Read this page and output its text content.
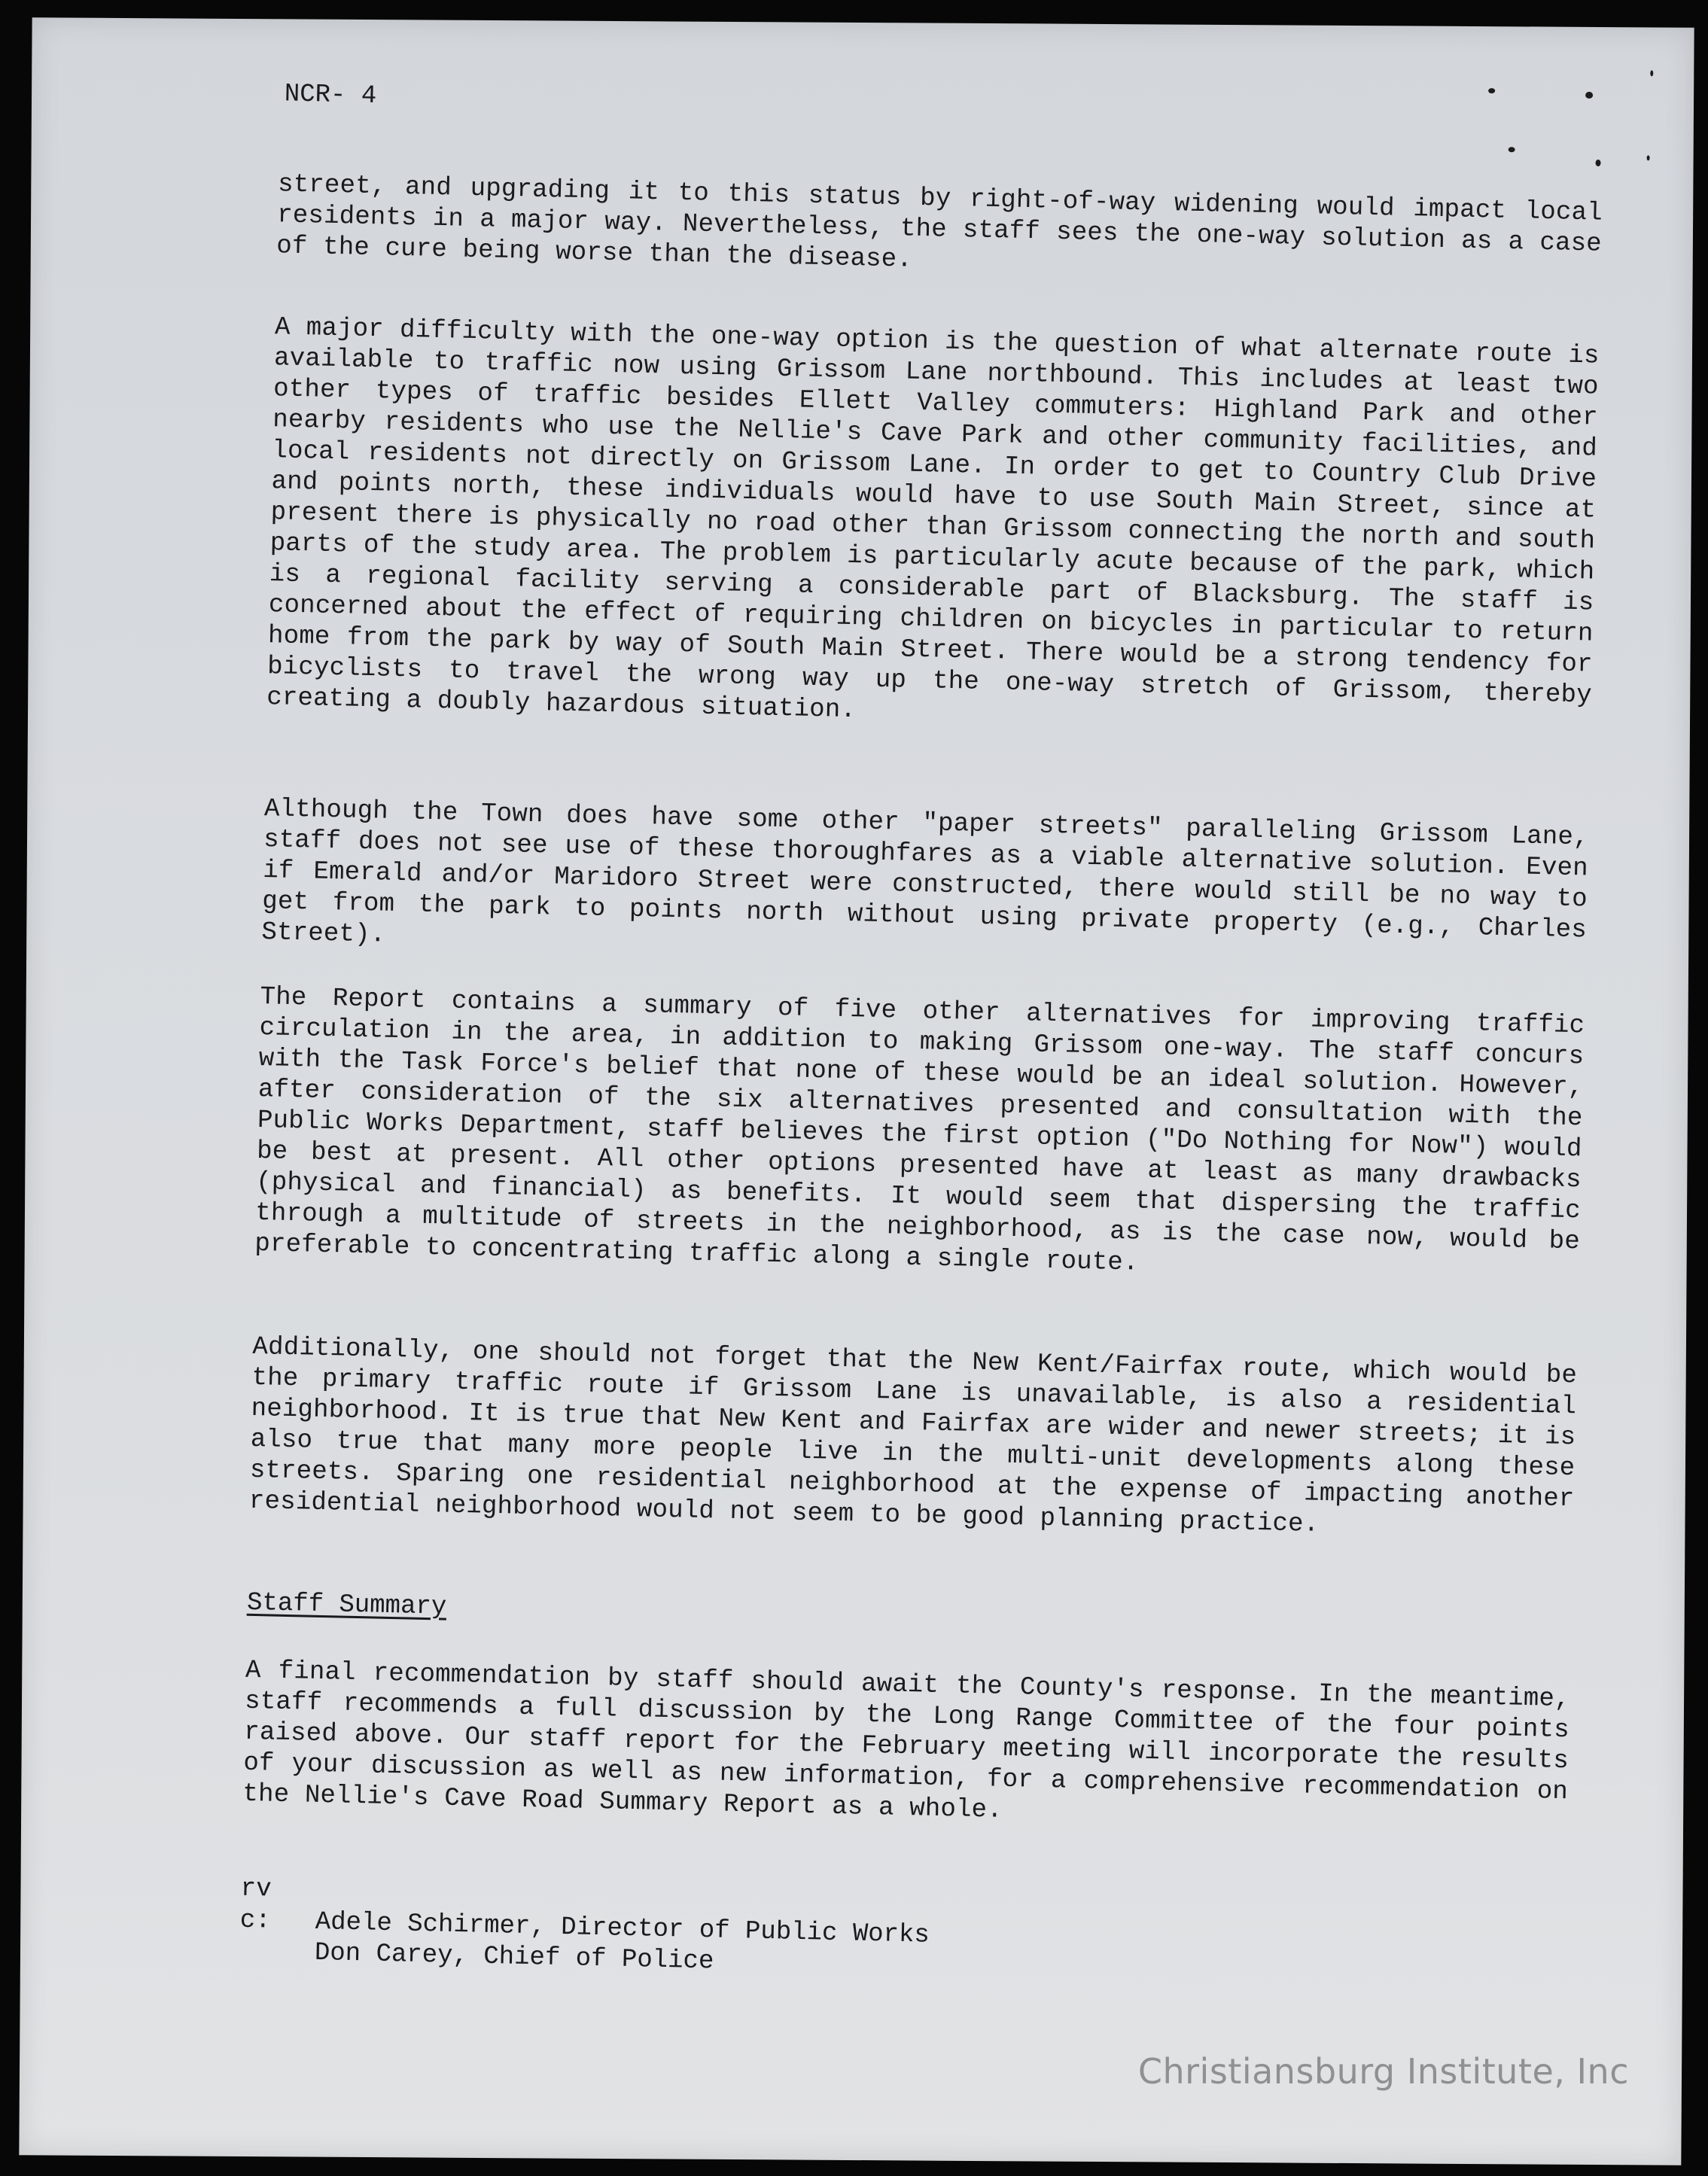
NCR- 4
street, and upgrading it to this status by right-of-way widening would impact local residents in a major way. Nevertheless, the staff sees the one-way solution as a case of the cure being worse than the disease.
A major difficulty with the one-way option is the question of what alternate route is available to traffic now using Grissom Lane northbound. This includes at least two other types of traffic besides Ellett Valley commuters: Highland Park and other nearby residents who use the Nellie's Cave Park and other community facilities, and local residents not directly on Grissom Lane. In order to get to Country Club Drive and points north, these individuals would have to use South Main Street, since at present there is physically no road other than Grissom connecting the north and south parts of the study area. The problem is particularly acute because of the park, which is a regional facility serving a considerable part of Blacksburg. The staff is concerned about the effect of requiring children on bicycles in particular to return home from the park by way of South Main Street. There would be a strong tendency for bicyclists to travel the wrong way up the one-way stretch of Grissom, thereby creating a doubly hazardous situation.
Although the Town does have some other "paper streets" paralleling Grissom Lane, staff does not see use of these thoroughfares as a viable alternative solution. Even if Emerald and/or Maridoro Street were constructed, there would still be no way to get from the park to points north without using private property (e.g., Charles Street).
The Report contains a summary of five other alternatives for improving traffic circulation in the area, in addition to making Grissom one-way. The staff concurs with the Task Force's belief that none of these would be an ideal solution. However, after consideration of the six alternatives presented and consultation with the Public Works Department, staff believes the first option ("Do Nothing for Now") would be best at present. All other options presented have at least as many drawbacks (physical and financial) as benefits. It would seem that dispersing the traffic through a multitude of streets in the neighborhood, as is the case now, would be preferable to concentrating traffic along a single route.
Additionally, one should not forget that the New Kent/Fairfax route, which would be the primary traffic route if Grissom Lane is unavailable, is also a residential neighborhood. It is true that New Kent and Fairfax are wider and newer streets; it is also true that many more people live in the multi-unit developments along these streets. Sparing one residential neighborhood at the expense of impacting another residential neighborhood would not seem to be good planning practice.
Staff Summary
A final recommendation by staff should await the County's response. In the meantime, staff recommends a full discussion by the Long Range Committee of the four points raised above. Our staff report for the February meeting will incorporate the results of your discussion as well as new information, for a comprehensive recommendation on the Nellie's Cave Road Summary Report as a whole.
rv
c: Adele Schirmer, Director of Public Works
Don Carey, Chief of Police
Christiansburg Institute, Inc
